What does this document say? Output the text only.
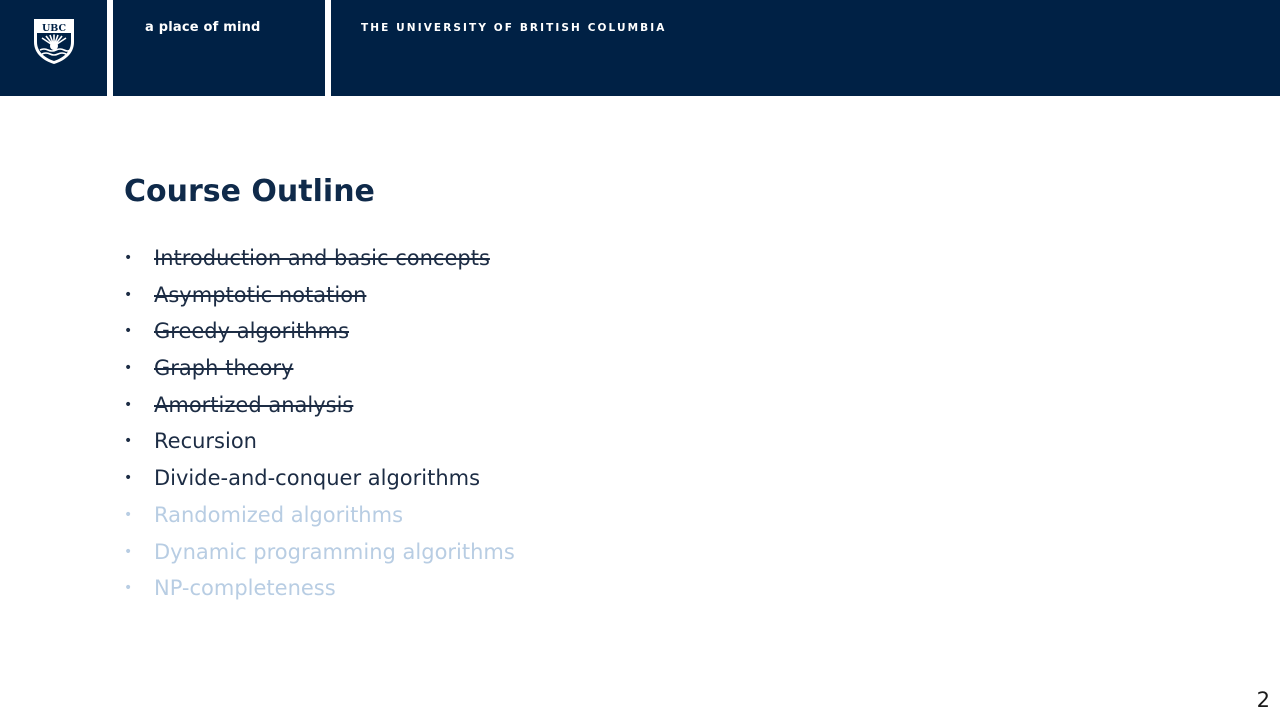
UBC	a place of mind	THE UNIVERSITY OF BRITISH COLUMBIA
Course Outline
• Introduction and basic concepts
• Asymptotic notation
• Greedy algorithms
• Graph theory
• Amortized analysis
• Recursion
• Divide-and-conquer algorithms
• Randomized algorithms
• Dynamic programming algorithms
• NP-completeness
2
